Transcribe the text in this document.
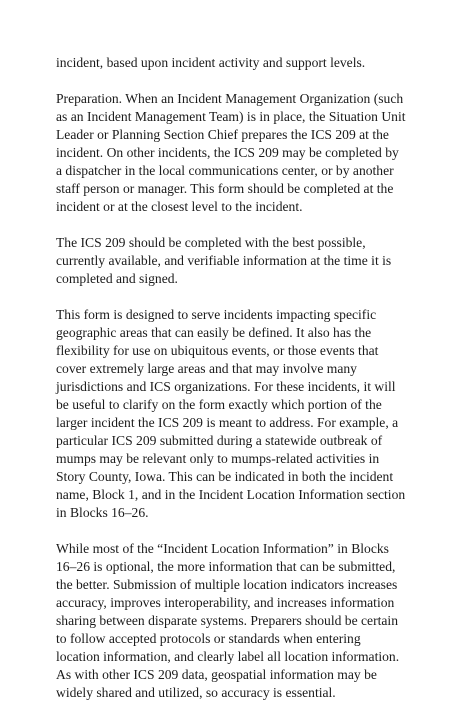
incident, based upon incident activity and support levels.

Preparation. When an Incident Management Organization (such
as an Incident Management Team) is in place, the Situation Unit
Leader or Planning Section Chief prepares the ICS 209 at the
incident. On other incidents, the ICS 209 may be completed by
a dispatcher in the local communications center, or by another
staff person or manager. This form should be completed at the
incident or at the closest level to the incident.

The ICS 209 should be completed with the best possible,
currently available, and verifiable information at the time it is
completed and signed.

This form is designed to serve incidents impacting specific
geographic areas that can easily be defined. It also has the
flexibility for use on ubiquitous events, or those events that
cover extremely large areas and that may involve many
jurisdictions and ICS organizations. For these incidents, it will
be useful to clarify on the form exactly which portion of the
larger incident the ICS 209 is meant to address. For example, a
particular ICS 209 submitted during a statewide outbreak of
mumps may be relevant only to mumps-related activities in
Story County, Iowa. This can be indicated in both the incident
name, Block 1, and in the Incident Location Information section
in Blocks 16–26.

While most of the “Incident Location Information” in Blocks
16–26 is optional, the more information that can be submitted,
the better. Submission of multiple location indicators increases
accuracy, improves interoperability, and increases information
sharing between disparate systems. Preparers should be certain
to follow accepted protocols or standards when entering
location information, and clearly label all location information.
As with other ICS 209 data, geospatial information may be
widely shared and utilized, so accuracy is essential.
